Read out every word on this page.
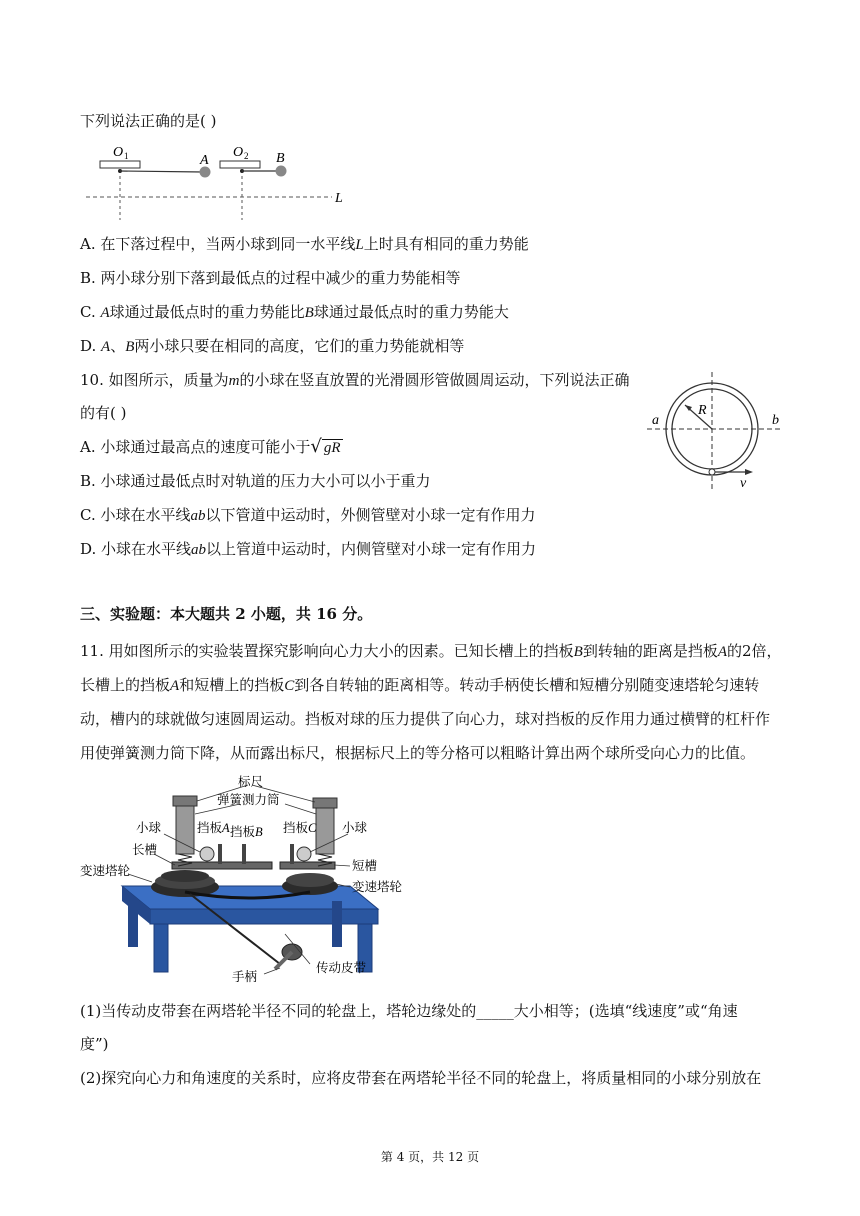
下列说法正确的是( )
O 1	A
O 2 B
L
A. 在下落过程中，当两小球到同一水平线L上时具有相同的重力势能
B. 两小球分别下落到最低点的过程中减少的重力势能相等
C. A球通过最低点时的重力势能比B球通过最低点时的重力势能大
D. A、B两小球只要在相同的高度，它们的重力势能就相等
10. 如图所示，质量为m的小球在竖直放置的光滑圆形管做圆周运动，下列说法正确
的有( )
A. 小球通过最高点的速度可能小于√ gR
B. 小球通过最低点时对轨道的压力大小可以小于重力
C. 小球在水平线ab以下管道中运动时，外侧管壁对小球一定有作用力
D. 小球在水平线ab以上管道中运动时，内侧管壁对小球一定有作用力
a	b
R
v
三、实验题：本大题共 2 小题，共 16 分。
11. 用如图所示的实验装置探究影响向心力大小的因素。已知长槽上的挡板B到转轴的距离是挡板A的2倍，
长槽上的挡板A和短槽上的挡板C到各自转轴的距离相等。转动手柄使长槽和短槽分别随变速塔轮匀速转
动，槽内的球就做匀速圆周运动。挡板对球的压力提供了向心力，球对挡板的反作用力通过横臂的杠杆作
用使弹簧测力筒下降，从而露出标尺，根据标尺上的等分格可以粗略计算出两个球所受向心力的比值。
标尺
弹簧测力筒
小球	挡板A 挡板B 挡板C 小球
长槽
短槽
变速塔轮
变速塔轮
传动皮带
手柄
(1)当传动皮带套在两塔轮半径不同的轮盘上，塔轮边缘处的_____大小相等；(选填“线速度”或“角速
度”)
(2)探究向心力和角速度的关系时，应将皮带套在两塔轮半径不同的轮盘上，将质量相同的小球分别放在
第 4 页，共 12 页
